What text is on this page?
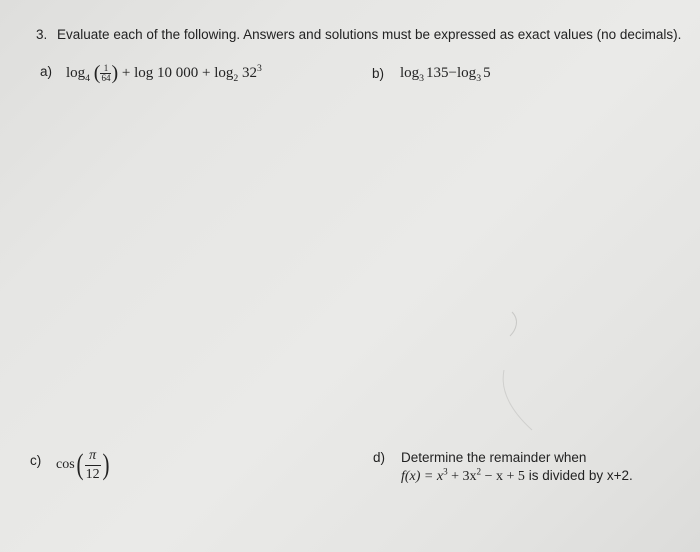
3. Evaluate each of the following. Answers and solutions must be expressed as exact values (no decimals).
a) $\log_4$ ( $\frac{1}{64}$ ) + log 10 $000 + \log_2 32^3$	b) $\log_3 135-\log_3$ 5
c) $\cos( \frac{\pi}{12}$ )	d) Determine the remainder when
$f(x) = x^3 + 3x^2 - x + 5$ is divided by x+2.
